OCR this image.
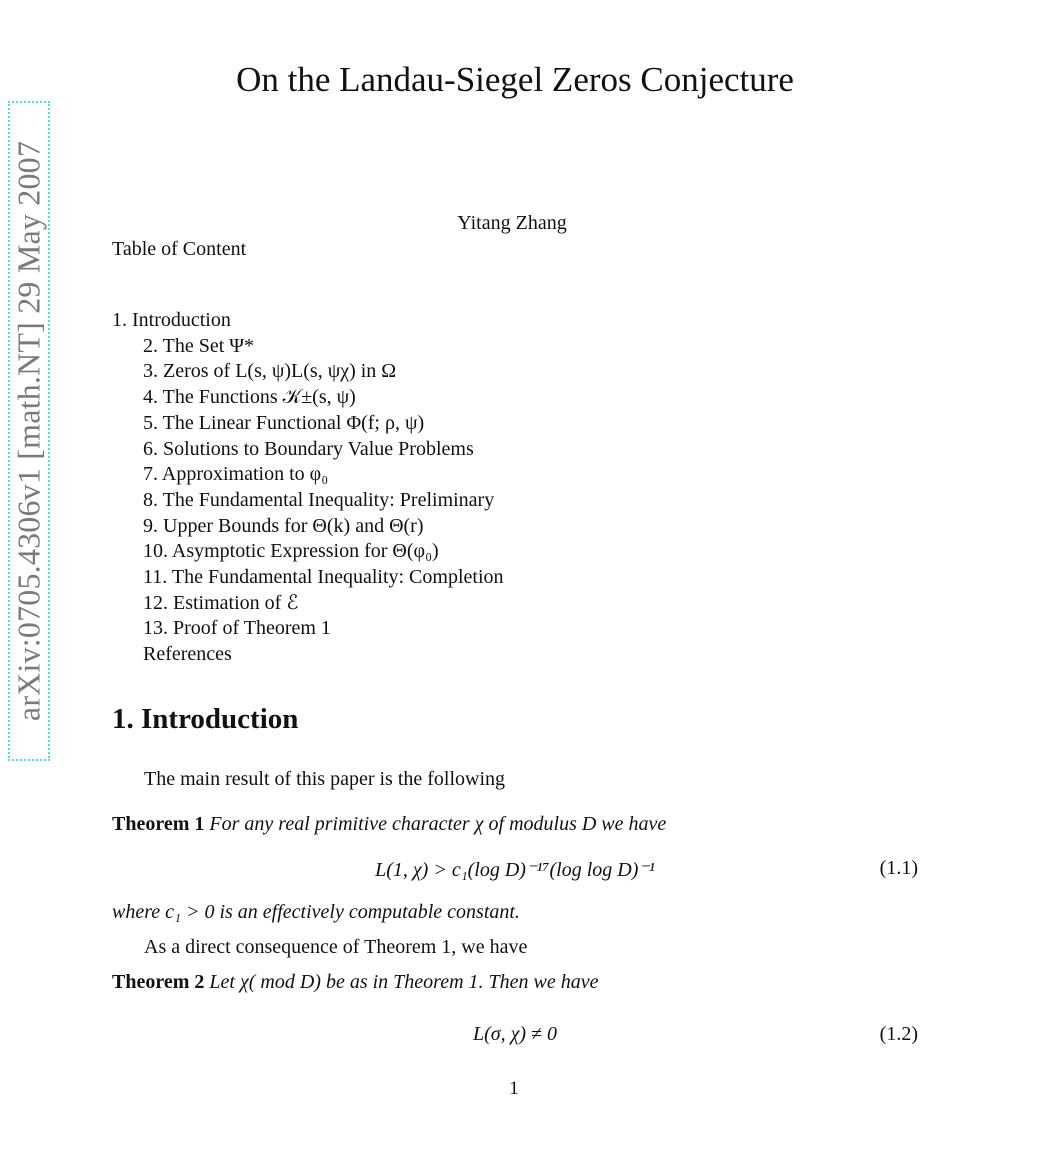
arXiv:0705.4306v1 [math.NT] 29 May 2007
On the Landau-Siegel Zeros Conjecture
Yitang Zhang
Table of Content
1. Introduction
2. The Set Ψ*
3. Zeros of L(s, ψ)L(s, ψχ) in Ω
4. The Functions 𝒦±(s, ψ)
5. The Linear Functional Φ(f; ρ, ψ)
6. Solutions to Boundary Value Problems
7. Approximation to φ₀
8. The Fundamental Inequality: Preliminary
9. Upper Bounds for Θ(k) and Θ(r)
10. Asymptotic Expression for Θ(φ₀)
11. The Fundamental Inequality: Completion
12. Estimation of ℰ
13. Proof of Theorem 1
References
1. Introduction
The main result of this paper is the following
Theorem 1 For any real primitive character χ of modulus D we have
L(1, χ) > c₁(log D)⁻¹⁷(log log D)⁻¹	(1.1)
where c₁ > 0 is an effectively computable constant.
As a direct consequence of Theorem 1, we have
Theorem 2 Let χ( mod D) be as in Theorem 1. Then we have
L(σ, χ) ≠ 0	(1.2)
1
